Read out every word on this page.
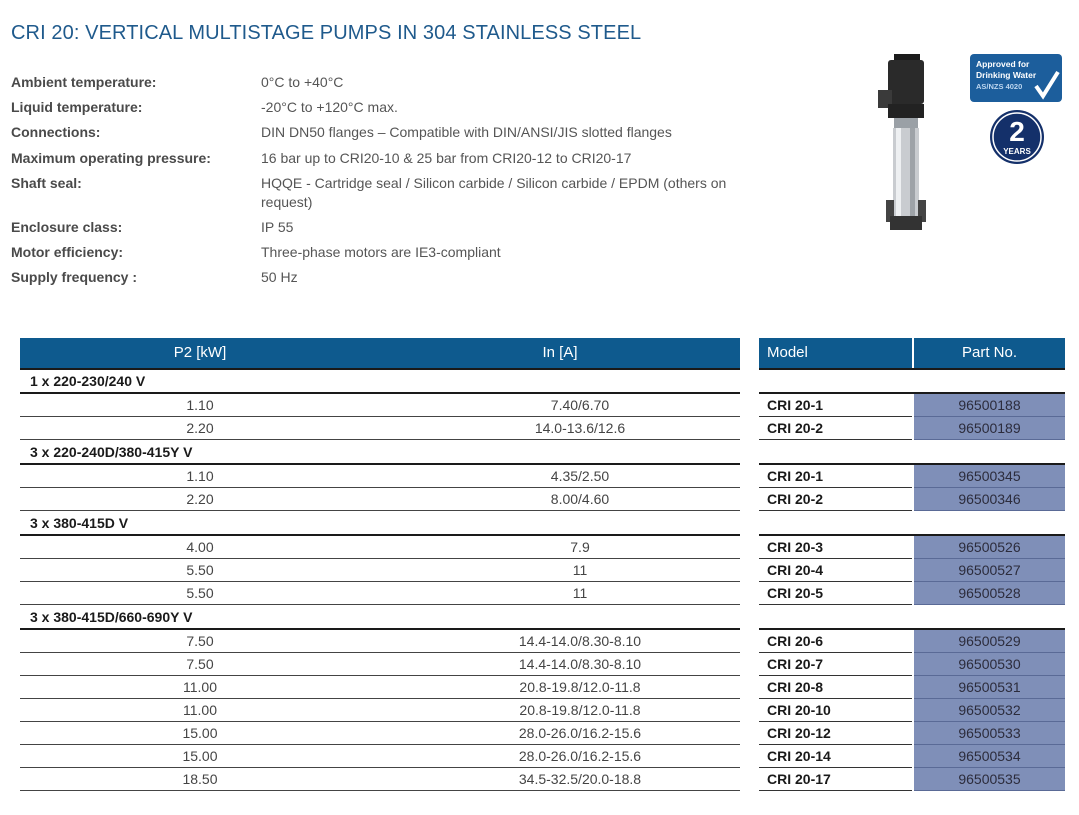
CRI 20: VERTICAL MULTISTAGE PUMPS IN 304 STAINLESS STEEL
Ambient temperature:	0°C to +40°C
Liquid temperature:	-20°C to +120°C max.
Connections:	DIN DN50 flanges – Compatible with DIN/ANSI/JIS slotted flanges
Maximum operating pressure:	16 bar up to CRI20-10 & 25 bar from CRI20-12 to CRI20-17
Shaft seal:	HQQE - Cartridge seal / Silicon carbide / Silicon carbide / EPDM (others on request)
Enclosure class:	IP 55
Motor efficiency:	Three-phase motors are IE3-compliant
Supply frequency :	50 Hz
Approved for
Drinking Water
AS/NZS 4020
2
YEARS
P2 [kW]	In [A]	Model	Part No.
1 x 220-230/240 V
1.10	7.40/6.70	CRI 20-1	96500188
2.20	14.0-13.6/12.6	CRI 20-2	96500189
3 x 220-240D/380-415Y V
1.10	4.35/2.50	CRI 20-1	96500345
2.20	8.00/4.60	CRI 20-2	96500346
3 x 380-415D V
4.00	7.9	CRI 20-3	96500526
5.50	11	CRI 20-4	96500527
5.50	11	CRI 20-5	96500528
3 x 380-415D/660-690Y V
7.50	14.4-14.0/8.30-8.10	CRI 20-6	96500529
7.50	14.4-14.0/8.30-8.10	CRI 20-7	96500530
11.00	20.8-19.8/12.0-11.8	CRI 20-8	96500531
11.00	20.8-19.8/12.0-11.8	CRI 20-10	96500532
15.00	28.0-26.0/16.2-15.6	CRI 20-12	96500533
15.00	28.0-26.0/16.2-15.6	CRI 20-14	96500534
18.50	34.5-32.5/20.0-18.8	CRI 20-17	96500535
